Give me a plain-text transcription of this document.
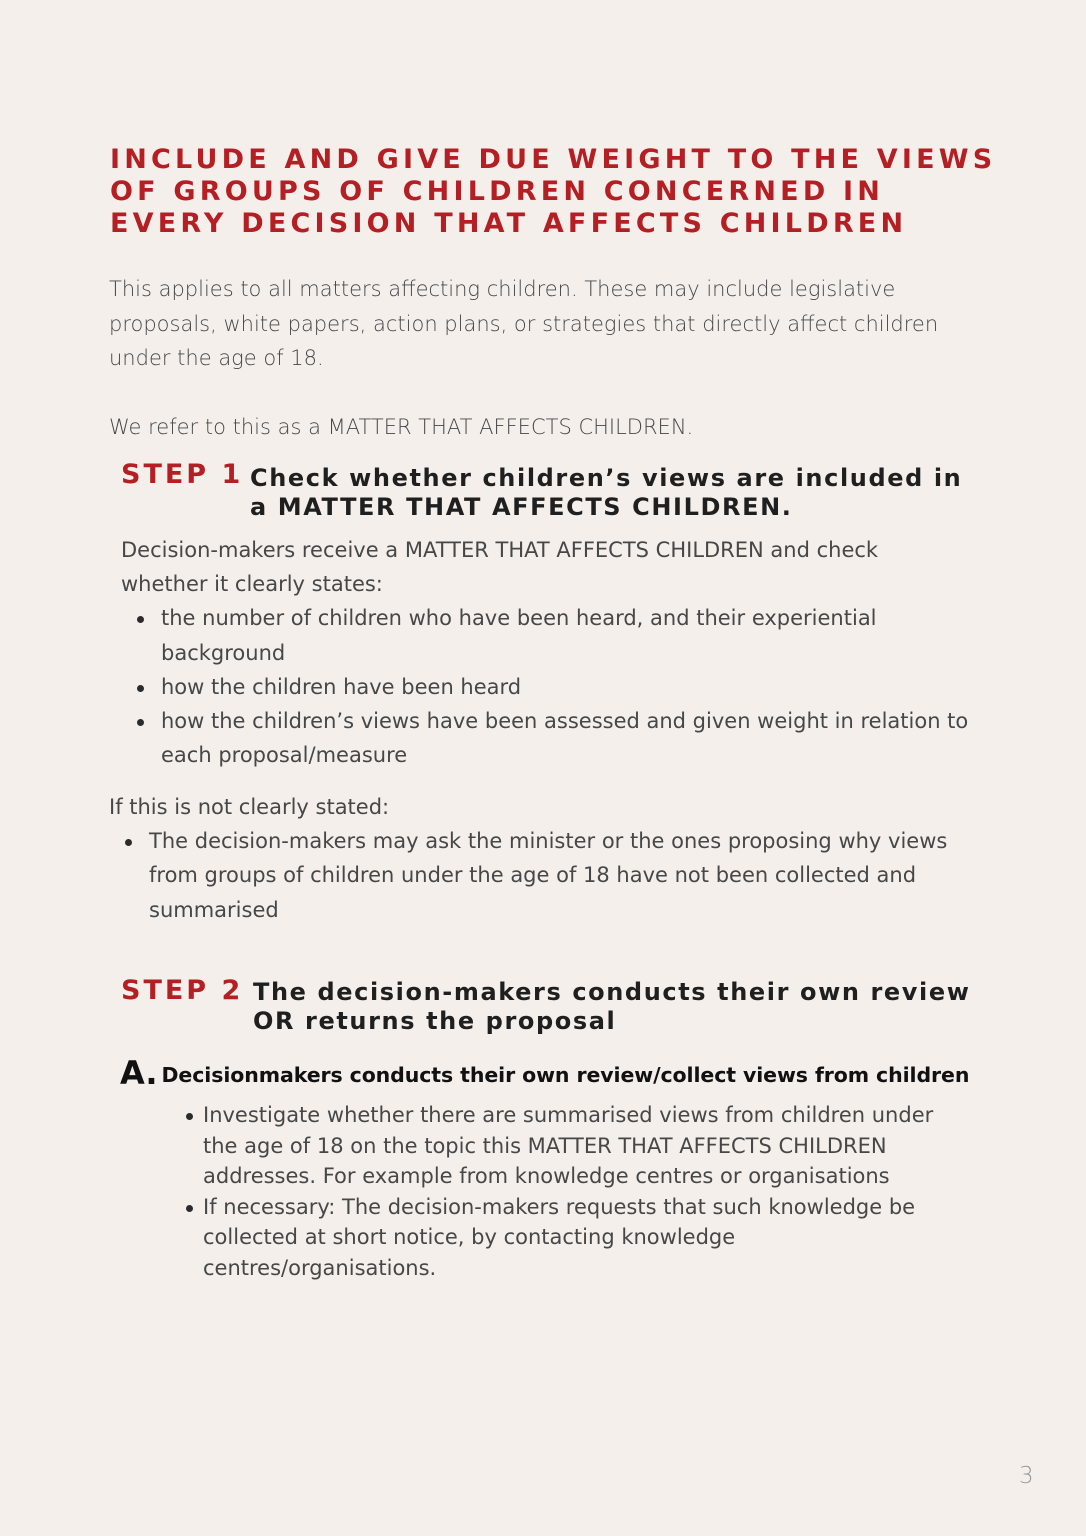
INCLUDE AND GIVE DUE WEIGHT TO THE VIEWS
OF GROUPS OF CHILDREN CONCERNED IN
EVERY DECISION THAT AFFECTS CHILDREN

This applies to all matters affecting children. These may include legislative

proposals, white papers, action plans, or strategies that directly affect children

under the age of 18.

We refer to this as a MATTER THAT AFFECTS CHILDREN.

STEP 1 Check whether children’s views are included in
a MATTER THAT AFFECTS CHILDREN.

Decision-makers receive a MATTER THAT AFFECTS CHILDREN and check

whether it clearly states:

the number of children who have been heard, and their experiential
background
how the children have been heard
how the children’s views have been assessed and given weight in relation to
each proposal/measure

If this is not clearly stated:

The decision-makers may ask the minister or the ones proposing why views
from groups of children under the age of 18 have not been collected and
summarised
STEP 2 The decision-makers conducts their own review
OR returns the proposal
A. Decisionmakers conducts their own review/collect views from children
Investigate whether there are summarised views from children under
the age of 18 on the topic this MATTER THAT AFFECTS CHILDREN
addresses. For example from knowledge centres or organisations
If necessary: The decision-makers requests that such knowledge be
collected at short notice, by contacting knowledge
centres/organisations.
3
